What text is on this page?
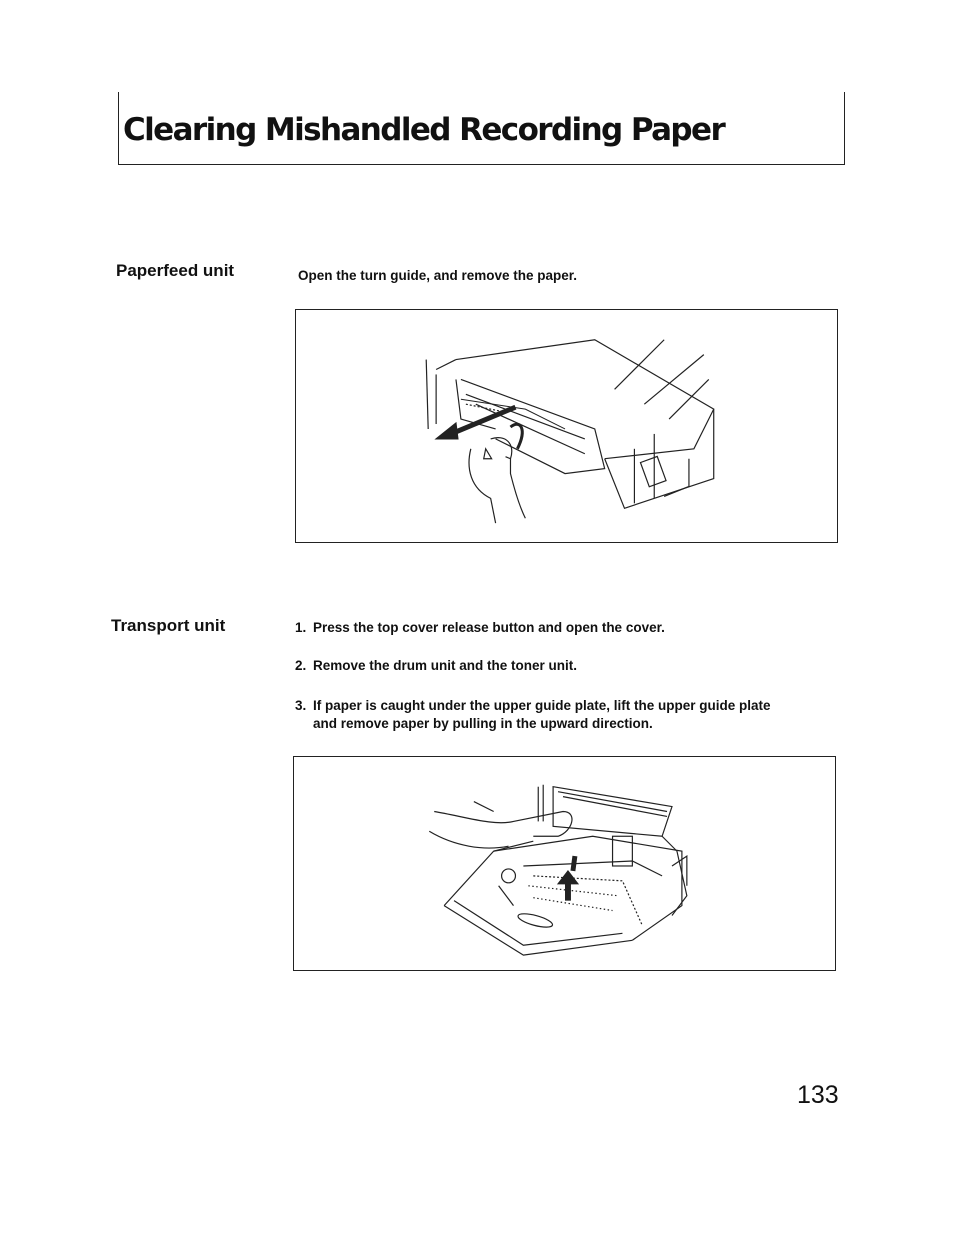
Clearing Mishandled Recording Paper
Paperfeed unit	Open the turn guide, and remove the paper.

Transport unit	1. Press the top cover release button and open the cover.

2. Remove the drum unit and the toner unit.

3. If paper is caught under the upper guide plate, lift the upper guide plate
and remove paper by pulling in the upward direction.

133
